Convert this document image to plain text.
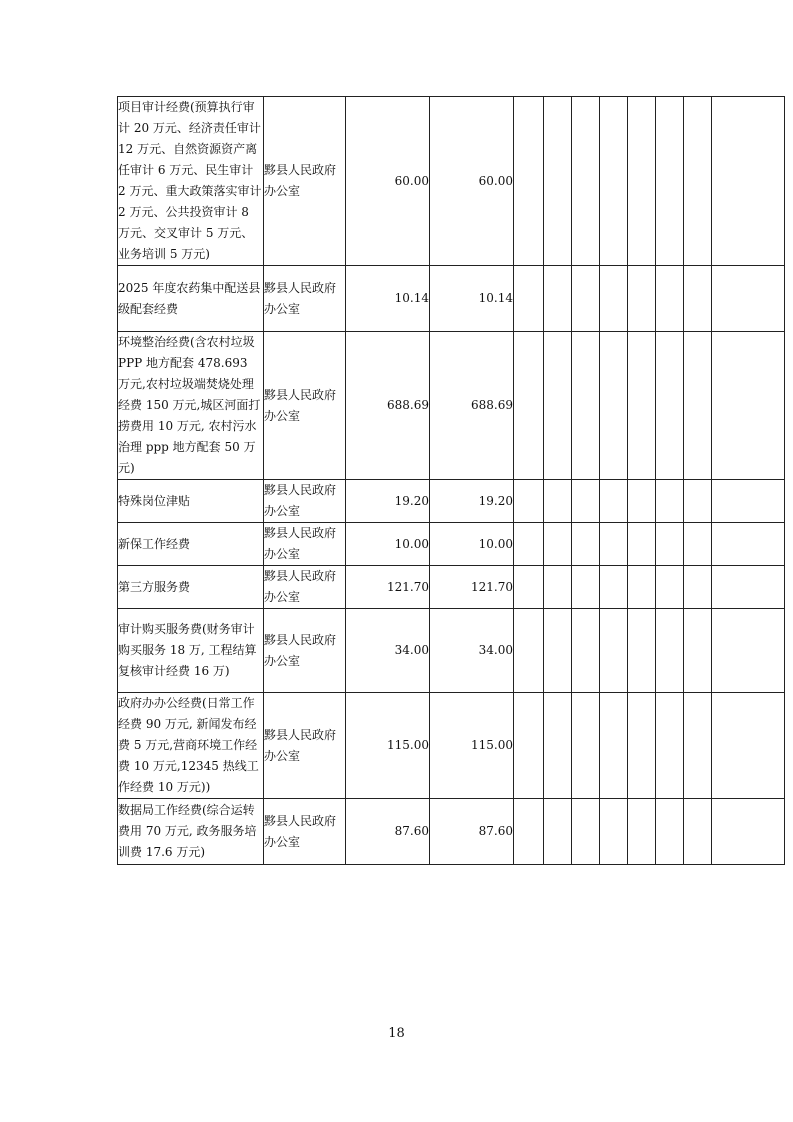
项目审计经费(预算执行审计 20 万元、经济责任审计 12 万元、自然资源资产离任审计 6 万元、民生审计 2 万元、重大政策落实审计 2 万元、公共投资审计 8 万元、交叉审计 5 万元、业务培训 5 万元)	黟县人民政府办公室	60.00	60.00								
2025 年度农药集中配送县级配套经费	黟县人民政府办公室	10.14	10.14								
环境整治经费(含农村垃圾 PPP 地方配套 478.693 万元,农村垃圾端焚烧处理经费 150 万元,城区河面打捞费用 10 万元, 农村污水治理 ppp 地方配套 50 万元)	黟县人民政府办公室	688.69	688.69								
特殊岗位津贴	黟县人民政府办公室	19.20	19.20								
新保工作经费	黟县人民政府办公室	10.00	10.00								
第三方服务费	黟县人民政府办公室	121.70	121.70								
审计购买服务费(财务审计购买服务 18 万, 工程结算复核审计经费 16 万)	黟县人民政府办公室	34.00	34.00								
政府办办公经费(日常工作经费 90 万元, 新闻发布经费 5 万元,营商环境工作经费 10 万元,12345 热线工作经费 10 万元))	黟县人民政府办公室	115.00	115.00								
数据局工作经费(综合运转费用 70 万元, 政务服务培训费 17.6 万元)	黟县人民政府办公室	87.60	87.60								
18
